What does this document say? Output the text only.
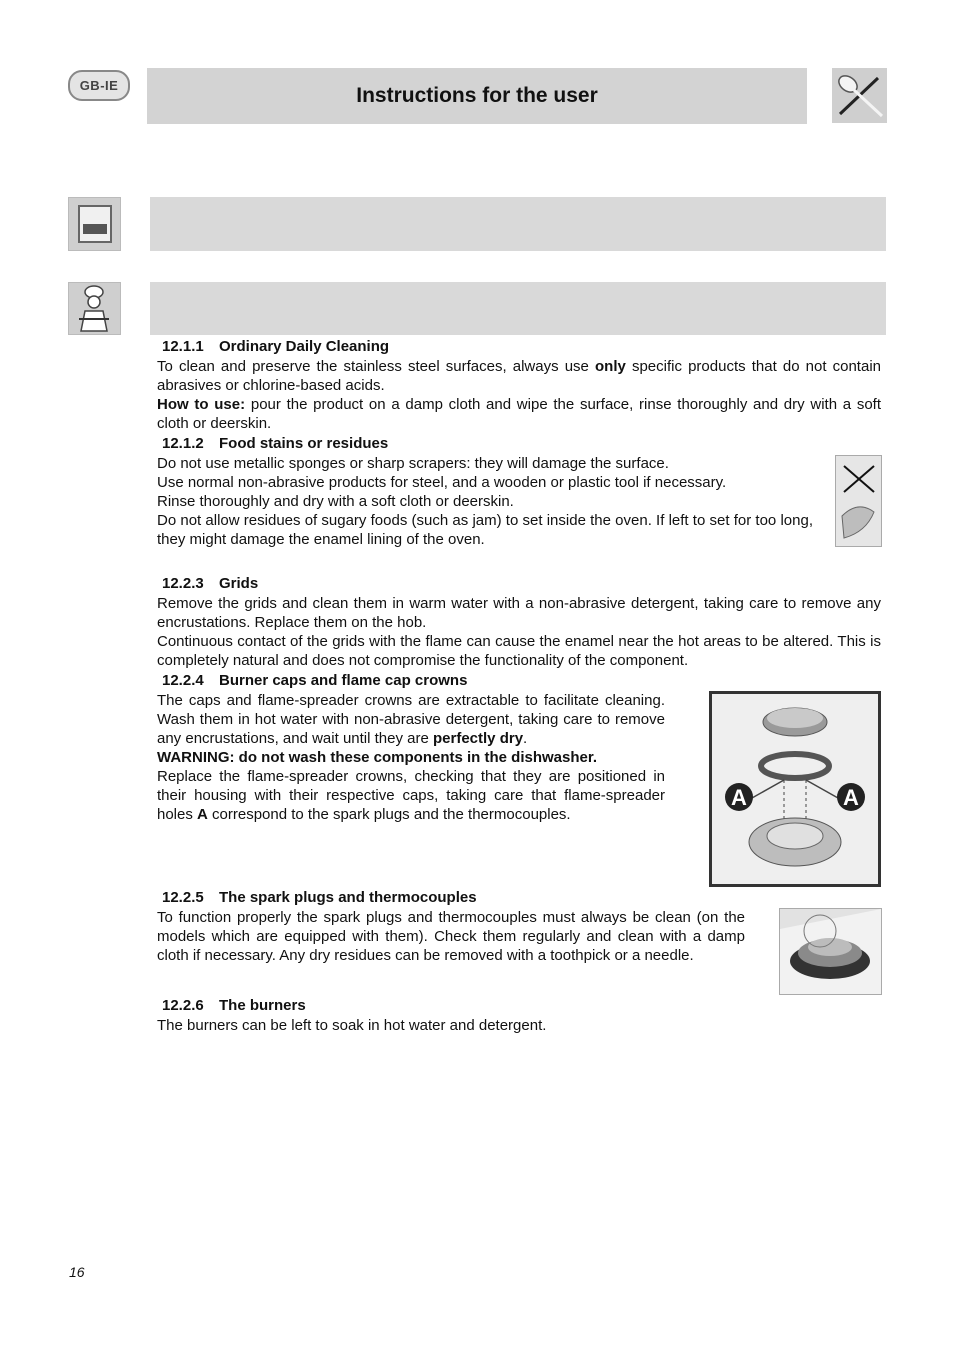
GB-IE	Instructions for the user
12.1.1 Ordinary Daily Cleaning

To clean and preserve the stainless steel surfaces, always use only specific products that do not contain abrasives or chlorine-based acids.

How to use: pour the product on a damp cloth and wipe the surface, rinse thoroughly and dry with a soft cloth or deerskin.

12.1.2 Food stains or residues

Do not use metallic sponges or sharp scrapers: they will damage the surface.

Use normal non-abrasive products for steel, and a wooden or plastic tool if necessary.

Rinse thoroughly and dry with a soft cloth or deerskin.

Do not allow residues of sugary foods (such as jam) to set inside the oven. If left to set for too long, they might damage the enamel lining of the oven.

12.2.3 Grids

Remove the grids and clean them in warm water with a non-abrasive detergent, taking care to remove any encrustations. Replace them on the hob.

Continuous contact of the grids with the flame can cause the enamel near the hot areas to be altered. This is completely natural and does not compromise the functionality of the component.

12.2.4 Burner caps and flame cap crowns

The caps and flame-spreader crowns are extractable to facilitate cleaning. Wash them in hot water with non-abrasive detergent, taking care to remove any encrustations, and wait until they are perfectly dry.

WARNING: do not wash these components in the dishwasher.

Replace the flame-spreader crowns, checking that they are positioned in their housing with their respective caps, taking care that flame-spreader holes A correspond to the spark plugs and the thermocouples.

A	A
12.2.5 The spark plugs and thermocouples

To function properly the spark plugs and thermocouples must always be clean (on the models which are equipped with them). Check them regularly and clean with a damp cloth if necessary. Any dry residues can be removed with a toothpick or a needle.

12.2.6 The burners

The burners can be left to soak in hot water and detergent.

16
